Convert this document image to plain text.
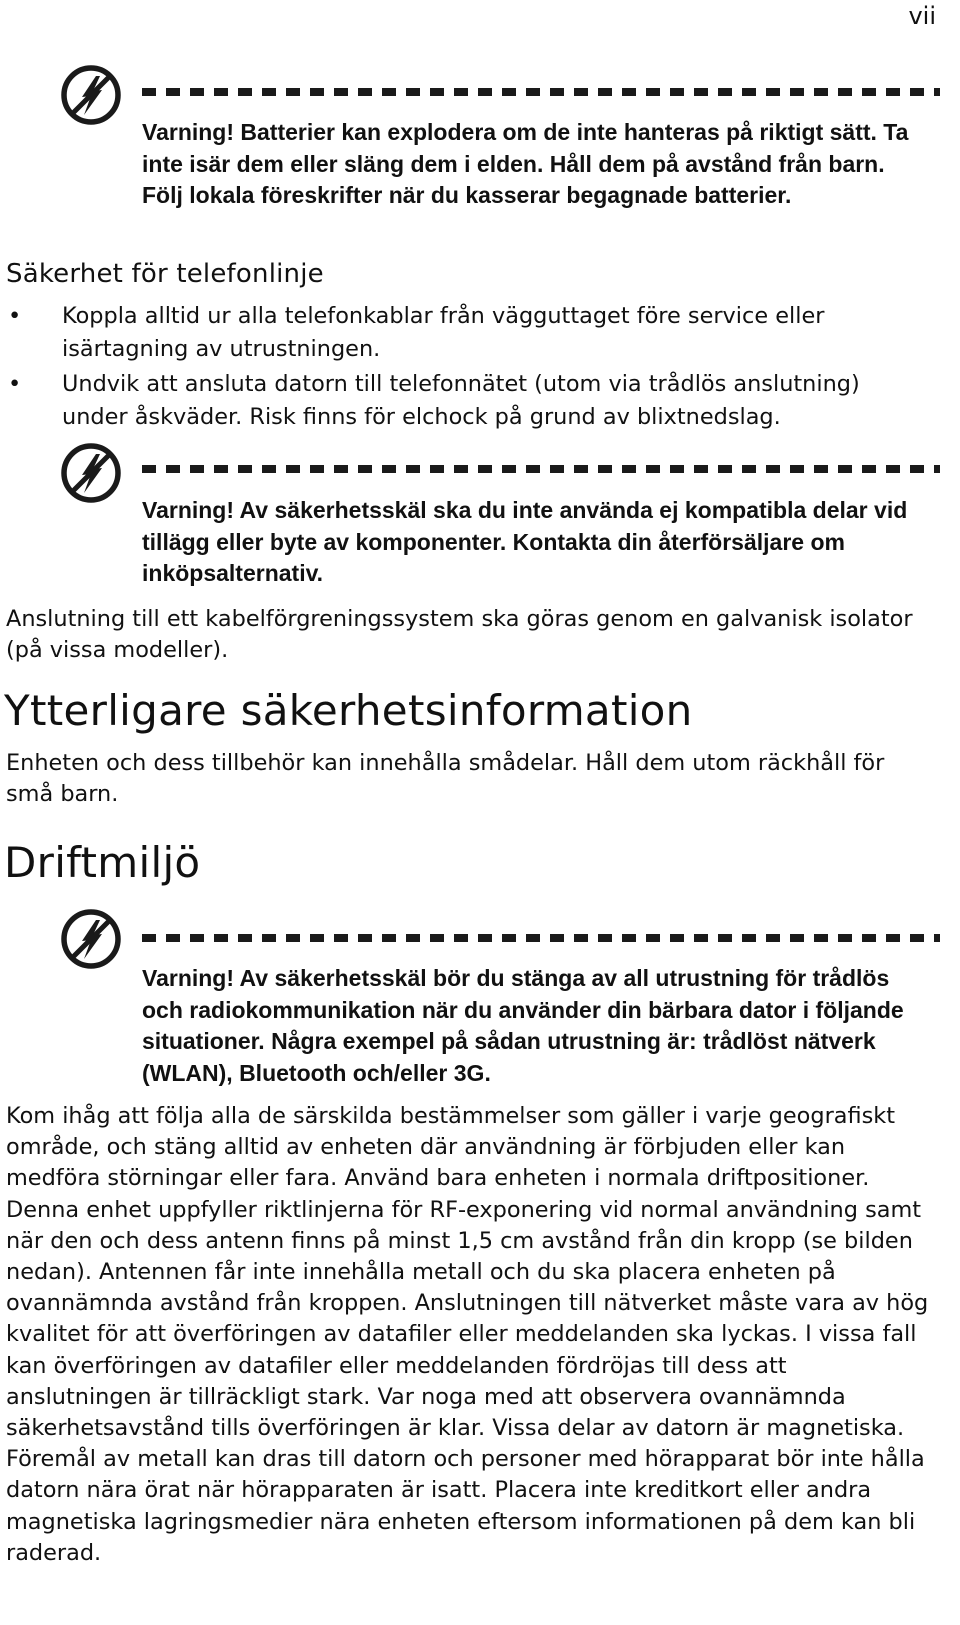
vii
Varning! Batterier kan explodera om de inte hanteras på riktigt sätt. Ta inte isär dem eller släng dem i elden. Håll dem på avstånd från barn. Följ lokala föreskrifter när du kasserar begagnade batterier.
Säkerhet för telefonlinje
• Koppla alltid ur alla telefonkablar från vägguttaget före service eller isärtagning av utrustningen.
• Undvik att ansluta datorn till telefonnätet (utom via trådlös anslutning) under åskväder. Risk finns för elchock på grund av blixtnedslag.
Varning! Av säkerhetsskäl ska du inte använda ej kompatibla delar vid tillägg eller byte av komponenter. Kontakta din återförsäljare om inköpsalternativ.

Anslutning till ett kabelförgreningssystem ska göras genom en galvanisk isolator (på vissa modeller).

Ytterligare säkerhetsinformation

Enheten och dess tillbehör kan innehålla smådelar. Håll dem utom räckhåll för små barn.

Driftmiljö
Varning! Av säkerhetsskäl bör du stänga av all utrustning för trådlös och radiokommunikation när du använder din bärbara dator i följande situationer. Några exempel på sådan utrustning är: trådlöst nätverk (WLAN), Bluetooth och/eller 3G.

Kom ihåg att följa alla de särskilda bestämmelser som gäller i varje geografiskt område, och stäng alltid av enheten där användning är förbjuden eller kan medföra störningar eller fara. Använd bara enheten i normala driftpositioner. Denna enhet uppfyller riktlinjerna för RF-exponering vid normal användning samt när den och dess antenn finns på minst 1,5 cm avstånd från din kropp (se bilden nedan). Antennen får inte innehålla metall och du ska placera enheten på ovannämnda avstånd från kroppen. Anslutningen till nätverket måste vara av hög kvalitet för att överföringen av datafiler eller meddelanden ska lyckas. I vissa fall kan överföringen av datafiler eller meddelanden fördröjas till dess att anslutningen är tillräckligt stark. Var noga med att observera ovannämnda säkerhetsavstånd tills överföringen är klar. Vissa delar av datorn är magnetiska. Föremål av metall kan dras till datorn och personer med hörapparat bör inte hålla datorn nära örat när hörapparaten är isatt. Placera inte kreditkort eller andra magnetiska lagringsmedier nära enheten eftersom informationen på dem kan bli raderad.
